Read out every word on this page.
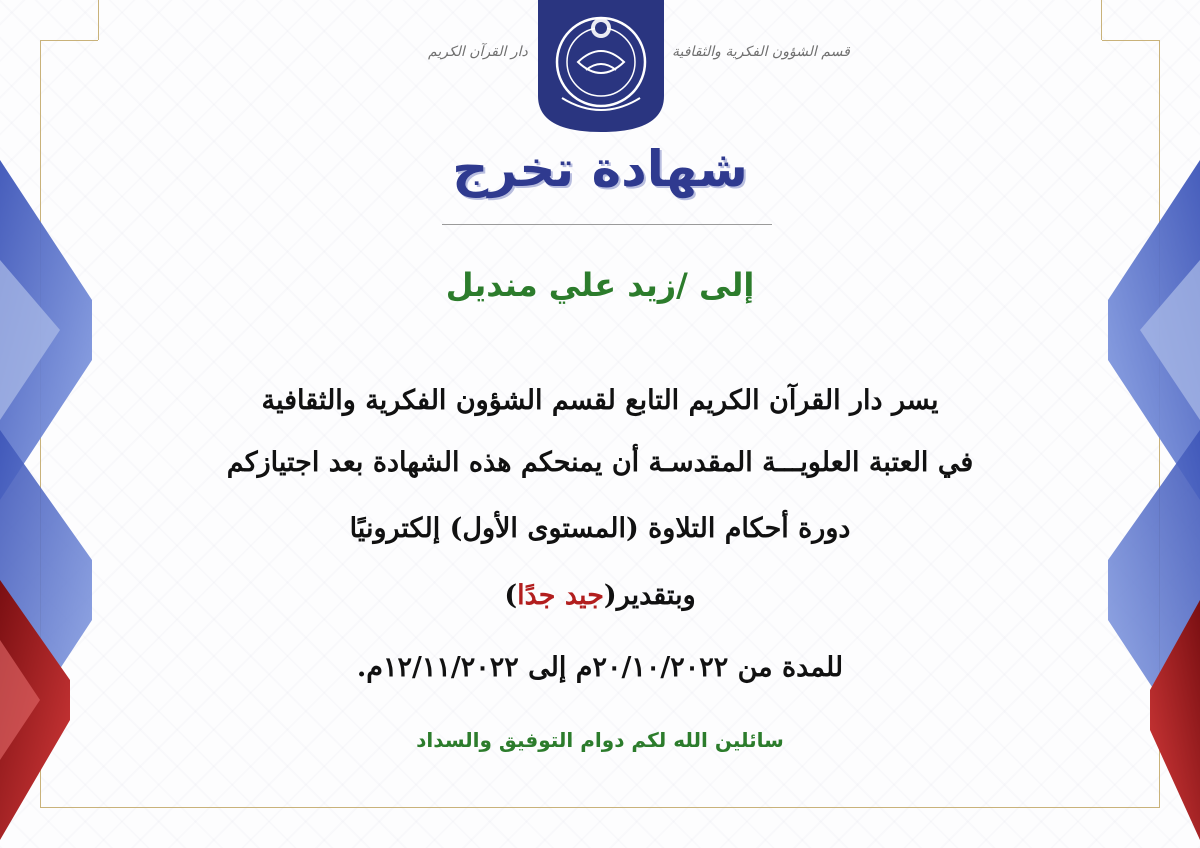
قسم الشؤون الفكرية والثقافية
دار القرآن الكريم
شهادة تخرج
إلى /زيد علي منديل
يسر دار القرآن الكريم التابع لقسم الشؤون الفكرية والثقافية
في العتبة العلويـــة المقدسـة أن يمنحكم هذه الشهادة بعد اجتيازكم
دورة أحكام التلاوة (المستوى الأول) إلكترونيًا
وبتقدير(جيد جدًا)
للمدة من ٢٠/١٠/٢٠٢٢م إلى ١٢/١١/٢٠٢٢م.
سائلين الله لكم دوام التوفيق والسداد
